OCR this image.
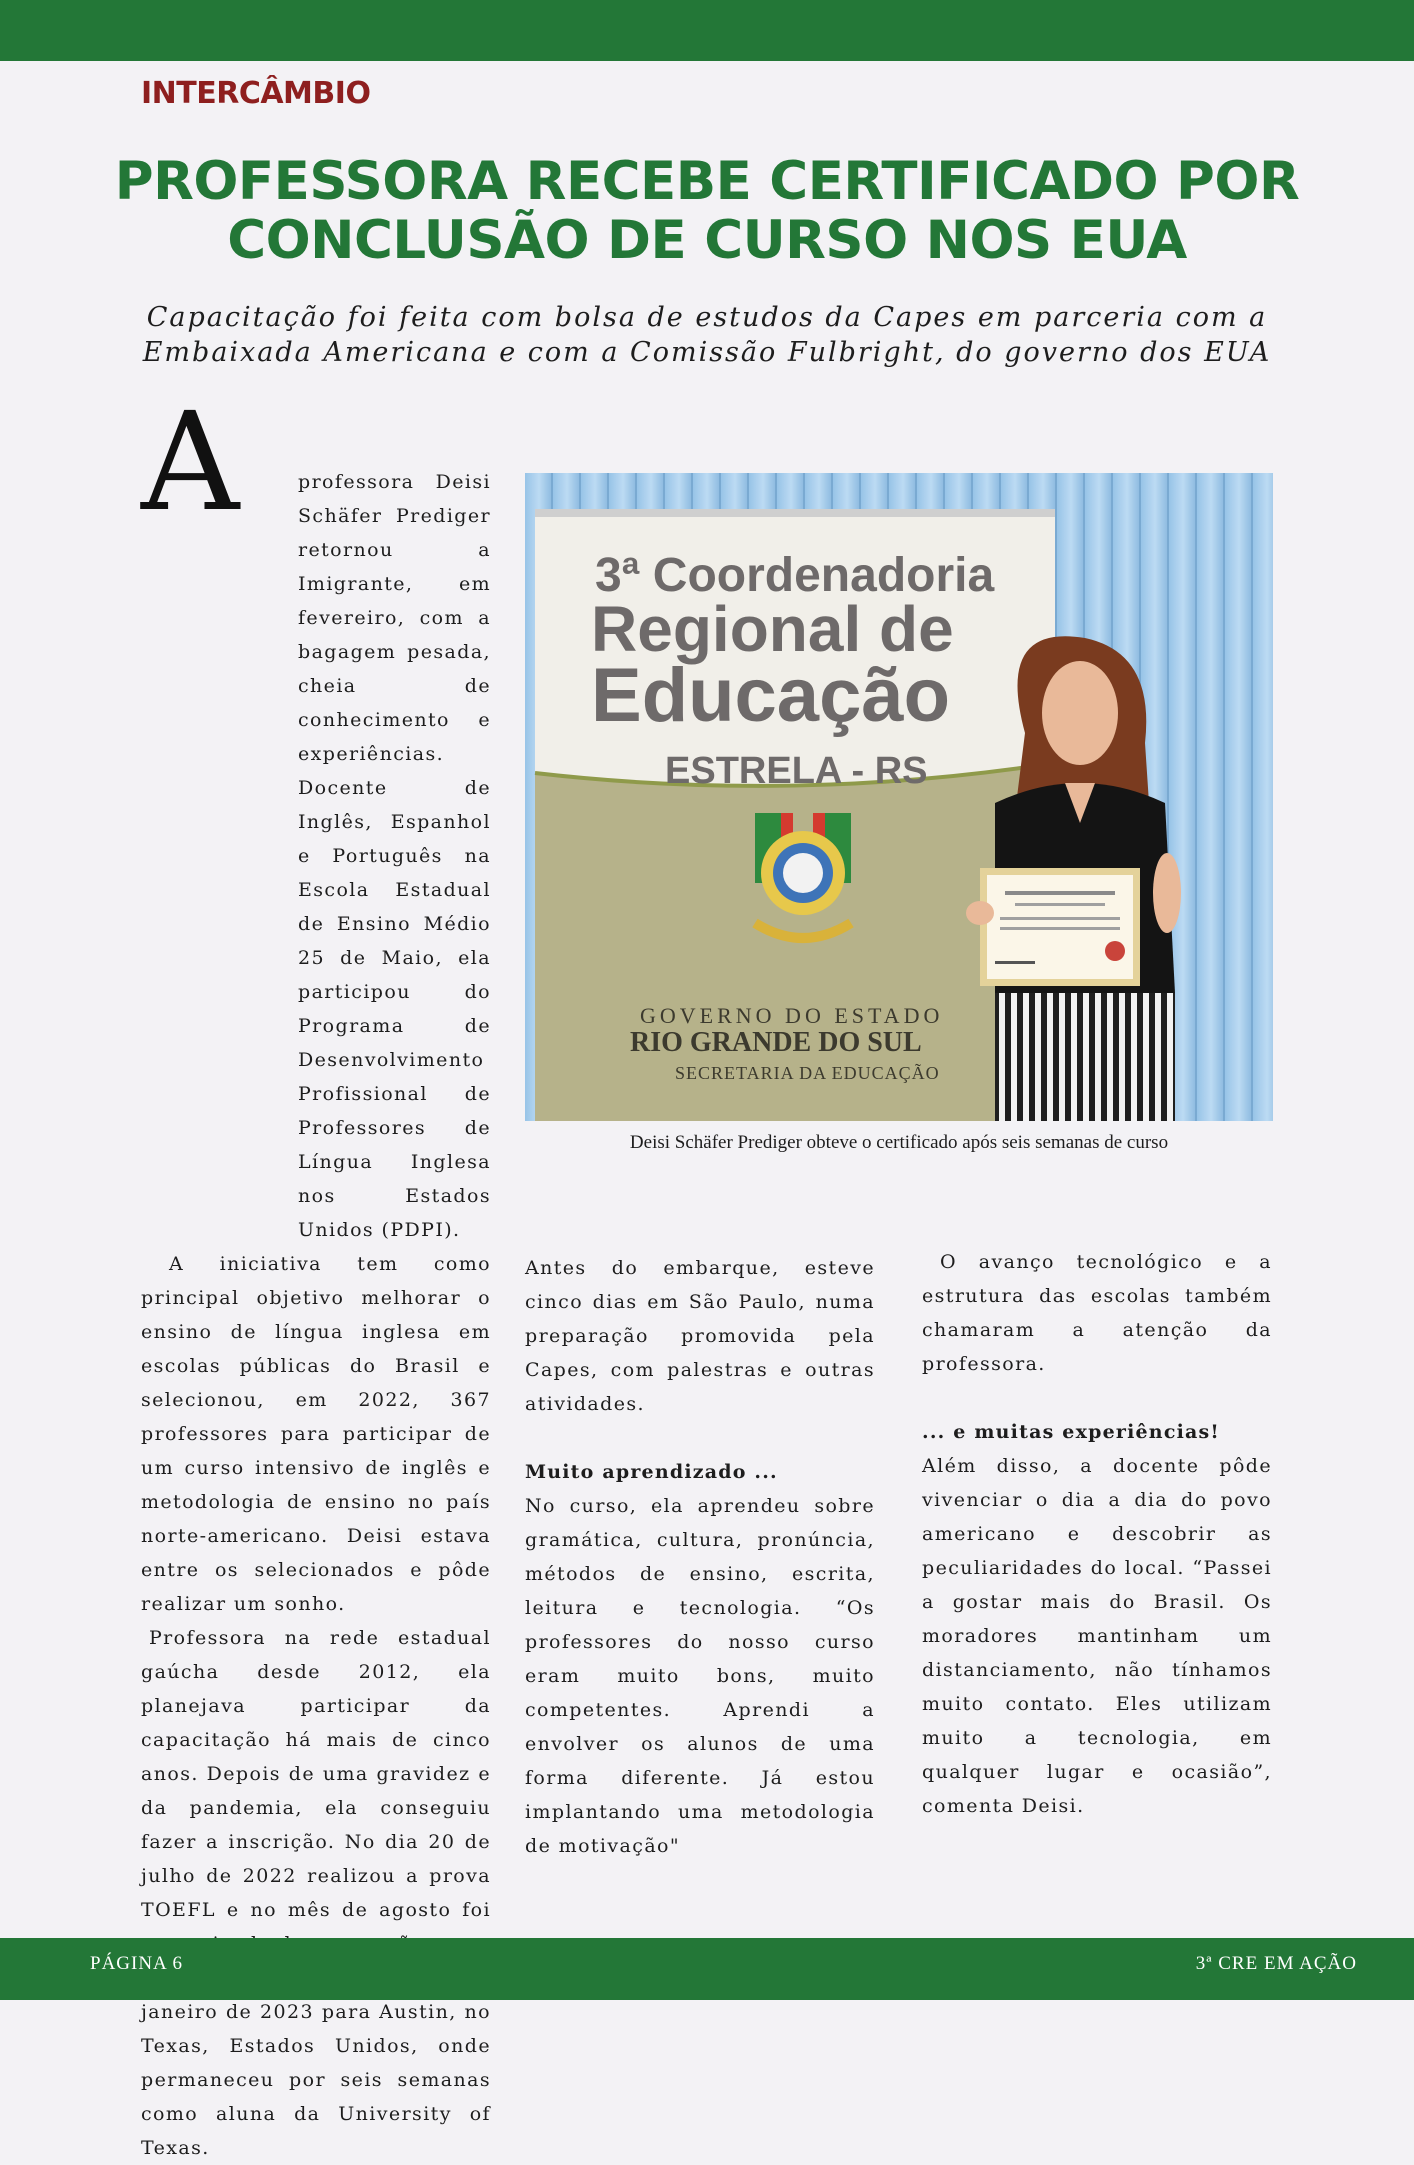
INTERCÂMBIO
PROFESSORA RECEBE CERTIFICADO POR
CONCLUSÃO DE CURSO NOS EUA
Capacitação foi feita com bolsa de estudos da Capes em parceria com a
Embaixada Americana e com a Comissão Fulbright, do governo dos EUA
A	professora Deisi Schäfer Prediger retornou a Imigrante, em fevereiro, com a bagagem pesada, cheia de conhecimento e experiências. Docente de Inglês, Espanhol e Português na Escola Estadual de Ensino Médio 25 de Maio, ela participou do Programa de Desenvolvimento Profissional de Professores de Língua Inglesa nos Estados Unidos (PDPI).

A iniciativa tem como principal objetivo melhorar o ensino de língua inglesa em escolas públicas do Brasil e selecionou, em 2022, 367 professores para participar de um curso intensivo de inglês e metodologia de ensino no país norte-americano. Deisi estava entre os selecionados e pôde realizar um sonho.

Professora na rede estadual gaúcha desde 2012, ela planejava participar da capacitação há mais de cinco anos. Depois de uma gravidez e da pandemia, ela conseguiu fazer a inscrição. No dia 20 de julho de 2022 realizou a prova TOEFL e no mês de agosto foi

janeiro de 2023 para Austin, no Texas, Estados Unidos, onde permaneceu por seis semanas como aluna da University of Texas.

3ª Coordenadoria
Regional de
Educação
ESTRELA - RS
GOVERNO DO ESTADO
RIO GRANDE DO SUL
SECRETARIA DA EDUCAÇÃO
Deisi Schäfer Prediger obteve o certificado após seis semanas de curso

Antes do embarque, esteve cinco dias em São Paulo, numa preparação promovida pela Capes, com palestras e outras atividades.

Muito aprendizado ...

No curso, ela aprendeu sobre gramática, cultura, pronúncia, métodos de ensino, escrita, leitura e tecnologia. “Os professores do nosso curso eram muito bons, muito competentes. Aprendi a envolver os alunos de uma forma diferente. Já estou implantando uma metodologia de motivação"

O avanço tecnológico e a estrutura das escolas também chamaram a atenção da professora.

... e muitas experiências!

Além disso, a docente pôde vivenciar o dia a dia do povo americano e descobrir as peculiaridades do local. “Passei a gostar mais do Brasil. Os moradores mantinham um distanciamento, não tínhamos muito contato. Eles utilizam muito a tecnologia, em qualquer lugar e ocasião”, comenta Deisi.

PÁGINA 6	3ª CRE EM AÇÃO
